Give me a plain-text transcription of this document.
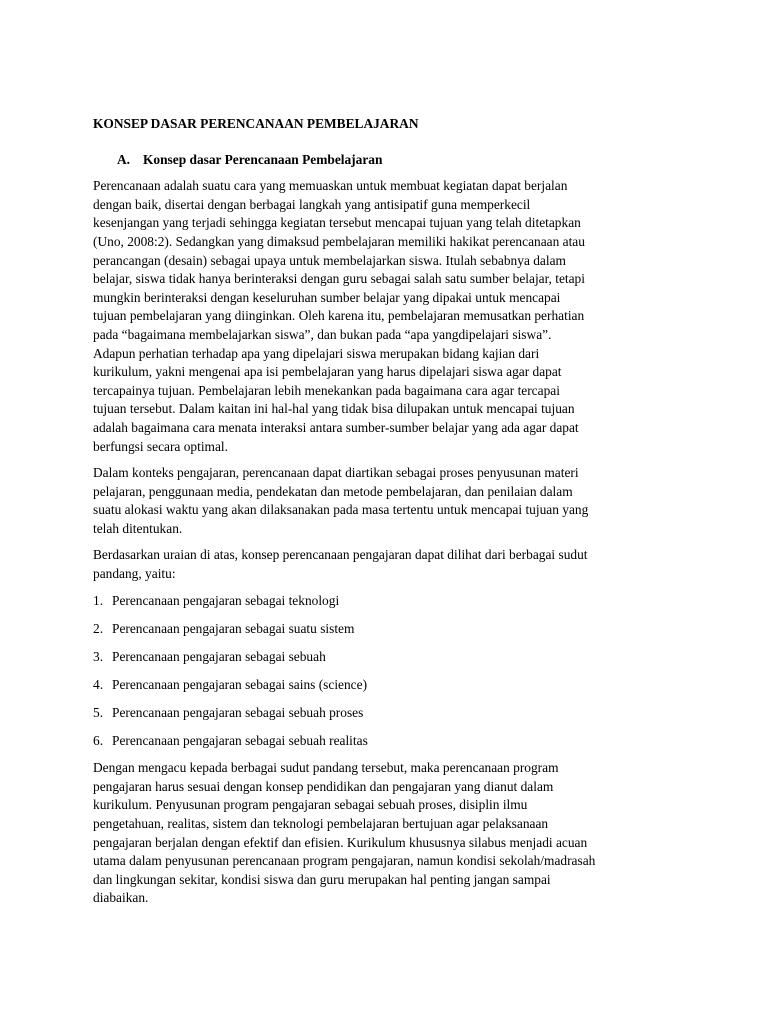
KONSEP DASAR PERENCANAAN PEMBELAJARAN
A. Konsep dasar Perencanaan Pembelajaran

Perencanaan adalah suatu cara yang memuaskan untuk membuat kegiatan dapat berjalan
dengan baik, disertai dengan berbagai langkah yang antisipatif guna memperkecil
kesenjangan yang terjadi sehingga kegiatan tersebut mencapai tujuan yang telah ditetapkan
(Uno, 2008:2). Sedangkan yang dimaksud pembelajaran memiliki hakikat perencanaan atau
perancangan (desain) sebagai upaya untuk membelajarkan siswa. Itulah sebabnya dalam
belajar, siswa tidak hanya berinteraksi dengan guru sebagai salah satu sumber belajar, tetapi
mungkin berinteraksi dengan keseluruhan sumber belajar yang dipakai untuk mencapai
tujuan pembelajaran yang diinginkan. Oleh karena itu, pembelajaran memusatkan perhatian
pada “bagaimana membelajarkan siswa”, dan bukan pada “apa yangdipelajari siswa”.
Adapun perhatian terhadap apa yang dipelajari siswa merupakan bidang kajian dari
kurikulum, yakni mengenai apa isi pembelajaran yang harus dipelajari siswa agar dapat
tercapainya tujuan. Pembelajaran lebih menekankan pada bagaimana cara agar tercapai
tujuan tersebut. Dalam kaitan ini hal-hal yang tidak bisa dilupakan untuk mencapai tujuan
adalah bagaimana cara menata interaksi antara sumber-sumber belajar yang ada agar dapat
berfungsi secara optimal.

Dalam konteks pengajaran, perencanaan dapat diartikan sebagai proses penyusunan materi
pelajaran, penggunaan media, pendekatan dan metode pembelajaran, dan penilaian dalam
suatu alokasi waktu yang akan dilaksanakan pada masa tertentu untuk mencapai tujuan yang
telah ditentukan.

Berdasarkan uraian di atas, konsep perencanaan pengajaran dapat dilihat dari berbagai sudut
pandang, yaitu:

1. Perencanaan pengajaran sebagai teknologi
2. Perencanaan pengajaran sebagai suatu sistem
3. Perencanaan pengajaran sebagai sebuah
4. Perencanaan pengajaran sebagai sains (science)
5. Perencanaan pengajaran sebagai sebuah proses
6. Perencanaan pengajaran sebagai sebuah realitas

Dengan mengacu kepada berbagai sudut pandang tersebut, maka perencanaan program
pengajaran harus sesuai dengan konsep pendidikan dan pengajaran yang dianut dalam
kurikulum. Penyusunan program pengajaran sebagai sebuah proses, disiplin ilmu
pengetahuan, realitas, sistem dan teknologi pembelajaran bertujuan agar pelaksanaan
pengajaran berjalan dengan efektif dan efisien. Kurikulum khususnya silabus menjadi acuan
utama dalam penyusunan perencanaan program pengajaran, namun kondisi sekolah/madrasah
dan lingkungan sekitar, kondisi siswa dan guru merupakan hal penting jangan sampai
diabaikan.
